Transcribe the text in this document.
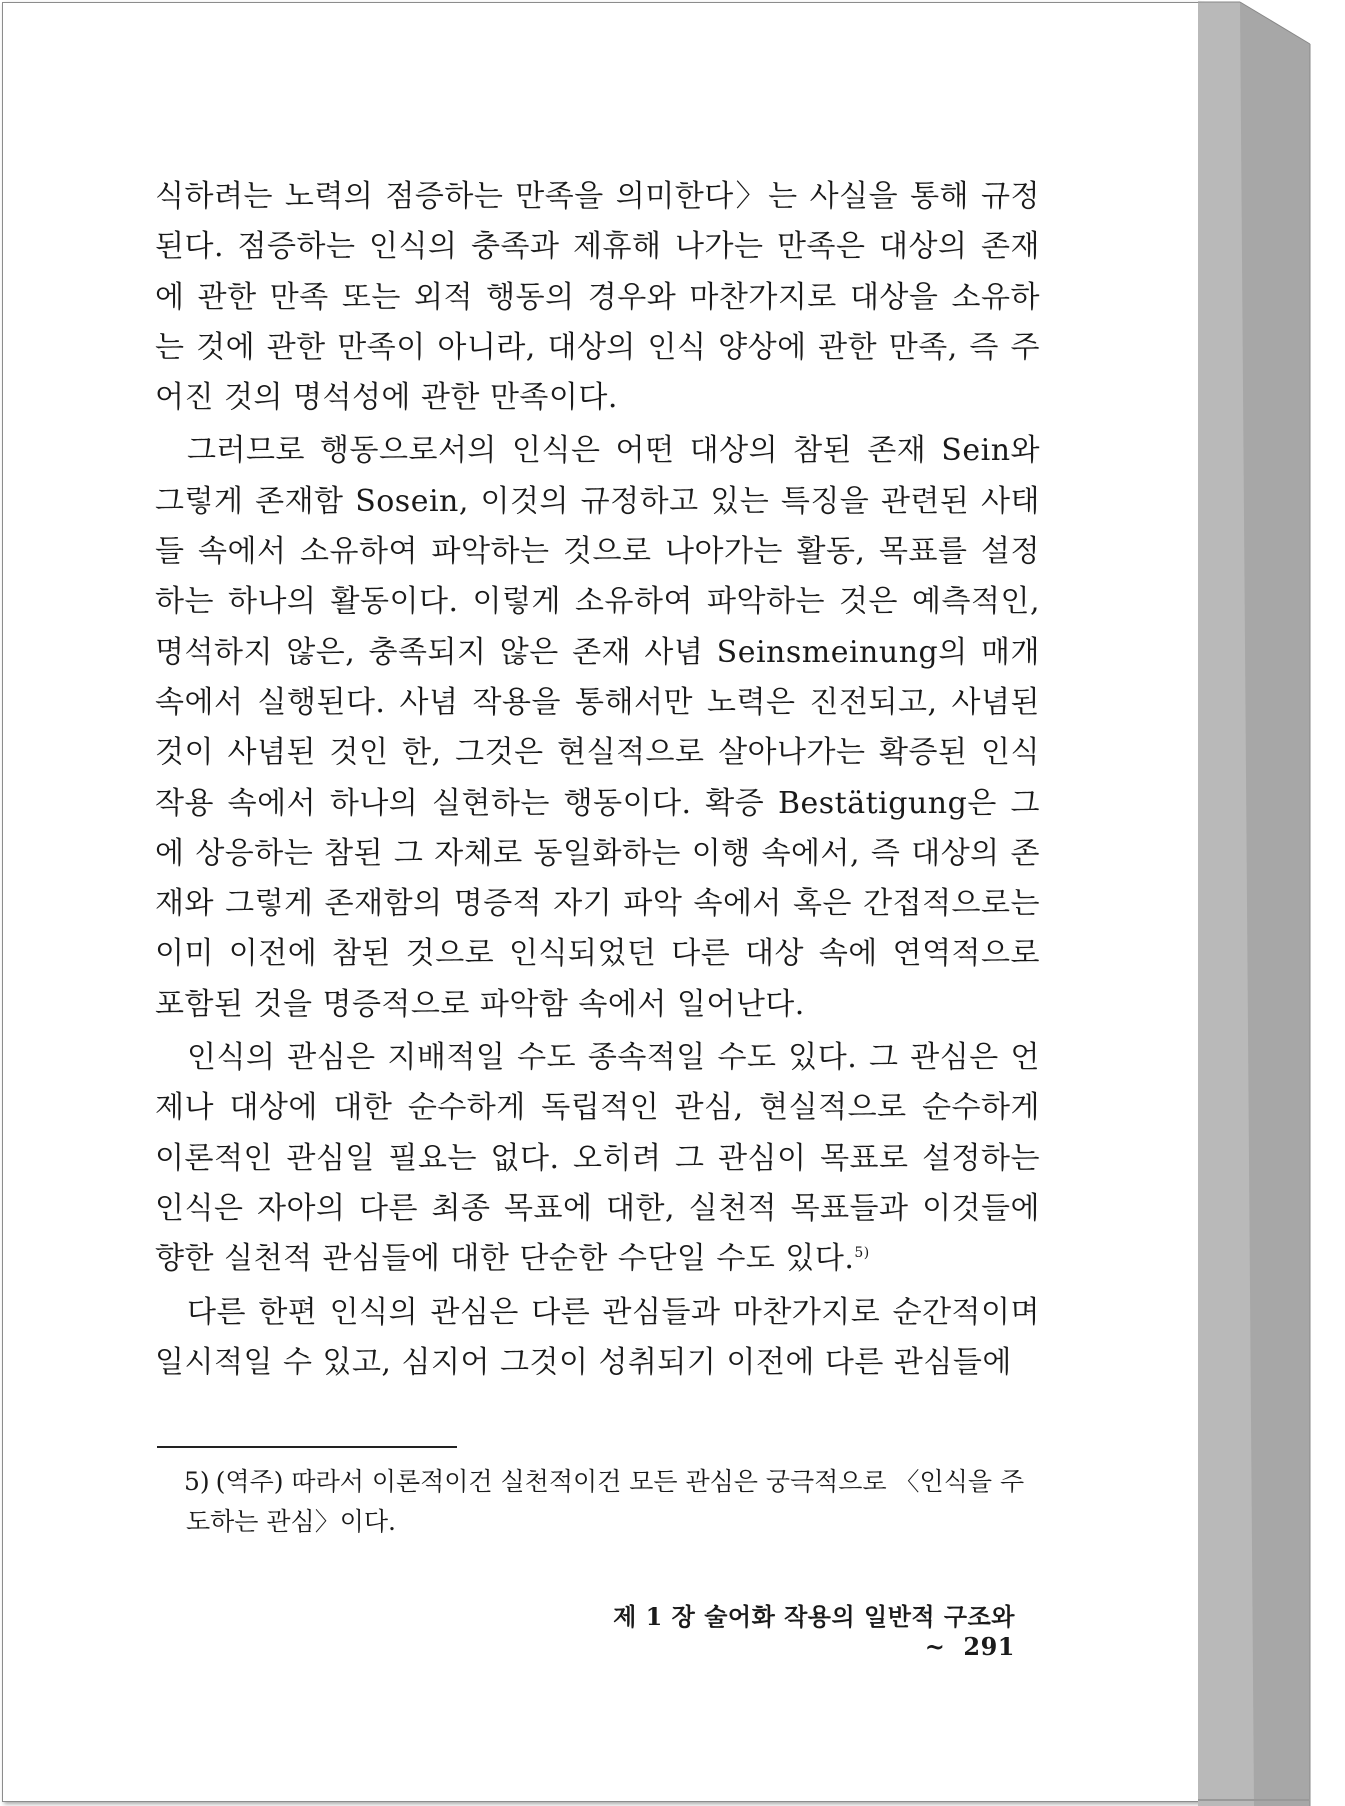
식하려는 노력의 점증하는 만족을 의미한다〉는 사실을 통해 규정된다. 점증하는 인식의 충족과 제휴해 나가는 만족은 대상의 존재에 관한 만족 또는 외적 행동의 경우와 마찬가지로 대상을 소유하는 것에 관한 만족이 아니라, 대상의 인식 양상에 관한 만족, 즉 주어진 것의 명석성에 관한 만족이다.

그러므로 행동으로서의 인식은 어떤 대상의 참된 존재 Sein와 그렇게 존재함 Sosein, 이것의 규정하고 있는 특징을 관련된 사태들 속에서 소유하여 파악하는 것으로 나아가는 활동, 목표를 설정하는 하나의 활동이다. 이렇게 소유하여 파악하는 것은 예측적인, 명석하지 않은, 충족되지 않은 존재 사념 Seinsmeinung의 매개 속에서 실행된다. 사념 작용을 통해서만 노력은 진전되고, 사념된 것이 사념된 것인 한, 그것은 현실적으로 살아나가는 확증된 인식 작용 속에서 하나의 실현하는 행동이다. 확증 Bestätigung은 그에 상응하는 참된 그 자체로 동일화하는 이행 속에서, 즉 대상의 존재와 그렇게 존재함의 명증적 자기 파악 속에서 혹은 간접적으로는 이미 이전에 참된 것으로 인식되었던 다른 대상 속에 연역적으로 포함된 것을 명증적으로 파악함 속에서 일어난다.

인식의 관심은 지배적일 수도 종속적일 수도 있다. 그 관심은 언제나 대상에 대한 순수하게 독립적인 관심, 현실적으로 순수하게 이론적인 관심일 필요는 없다. 오히려 그 관심이 목표로 설정하는 인식은 자아의 다른 최종 목표에 대한, 실천적 목표들과 이것들에 향한 실천적 관심들에 대한 단순한 수단일 수도 있다.$^{5)}$

다른 한편 인식의 관심은 다른 관심들과 마찬가지로 순간적이며 일시적일 수 있고, 심지어 그것이 성취되기 이전에 다른 관심들에

5) (역주) 따라서 이론적이건 실천적이건 모든 관심은 궁극적으로 〈인식을 주도하는 관심〉이다.
제 1 장 술어화 작용의 일반적 구조와 ~ 291
